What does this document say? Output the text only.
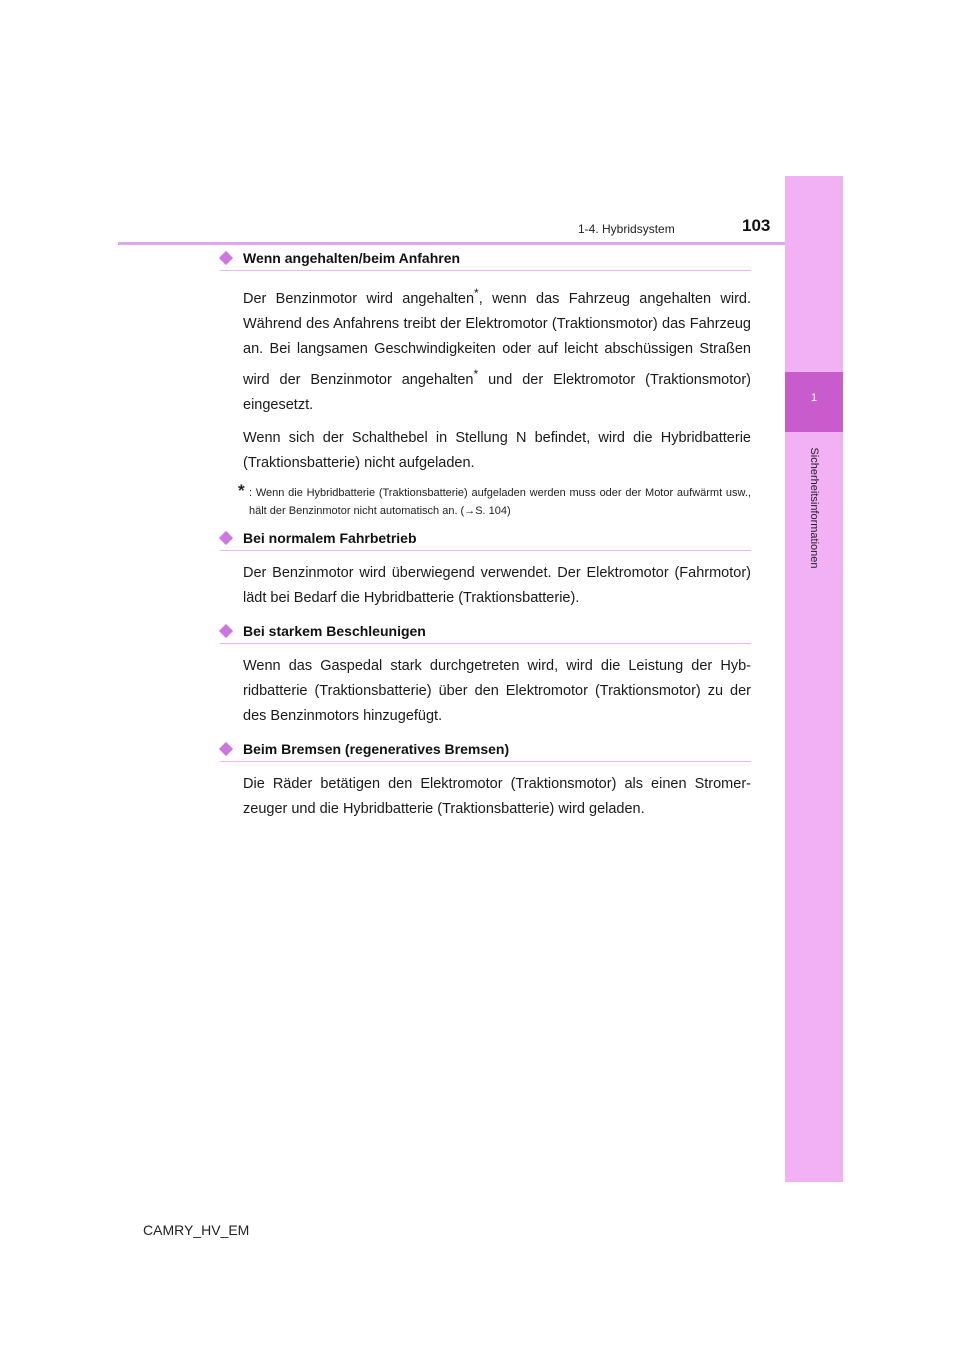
1
Sicherheitsinformationen
1-4. Hybridsystem	103
Wenn angehalten/beim Anfahren

Der Benzinmotor wird angehalten*, wenn das Fahrzeug angehalten wird. Während des Anfahrens treibt der Elektromotor (Traktionsmotor) das Fahrzeug an. Bei langsamen Geschwindigkeiten oder auf leicht abschüssigen Straßen wird der Benzinmotor angehalten* und der Elektromotor (Traktionsmotor) eingesetzt.

Wenn sich der Schalthebel in Stellung N befindet, wird die Hybridbatterie (Traktionsbatterie) nicht aufgeladen.

* : Wenn die Hybridbatterie (Traktionsbatterie) aufgeladen werden muss oder der Motor aufwärmt usw., hält der Benzinmotor nicht automatisch an. (→S. 104)
Bei normalem Fahrbetrieb

Der Benzinmotor wird überwiegend verwendet. Der Elektromotor (Fahrmotor) lädt bei Bedarf die Hybridbatterie (Traktionsbatterie).

Bei starkem Beschleunigen

Wenn das Gaspedal stark durchgetreten wird, wird die Leistung der Hybridbatterie (Traktionsbatterie) über den Elektromotor (Traktionsmotor) zu der des Benzinmotors hinzugefügt.

Beim Bremsen (regeneratives Bremsen)

Die Räder betätigen den Elektromotor (Traktionsmotor) als einen Stromerzeuger und die Hybridbatterie (Traktionsbatterie) wird geladen.

CAMRY_HV_EM
